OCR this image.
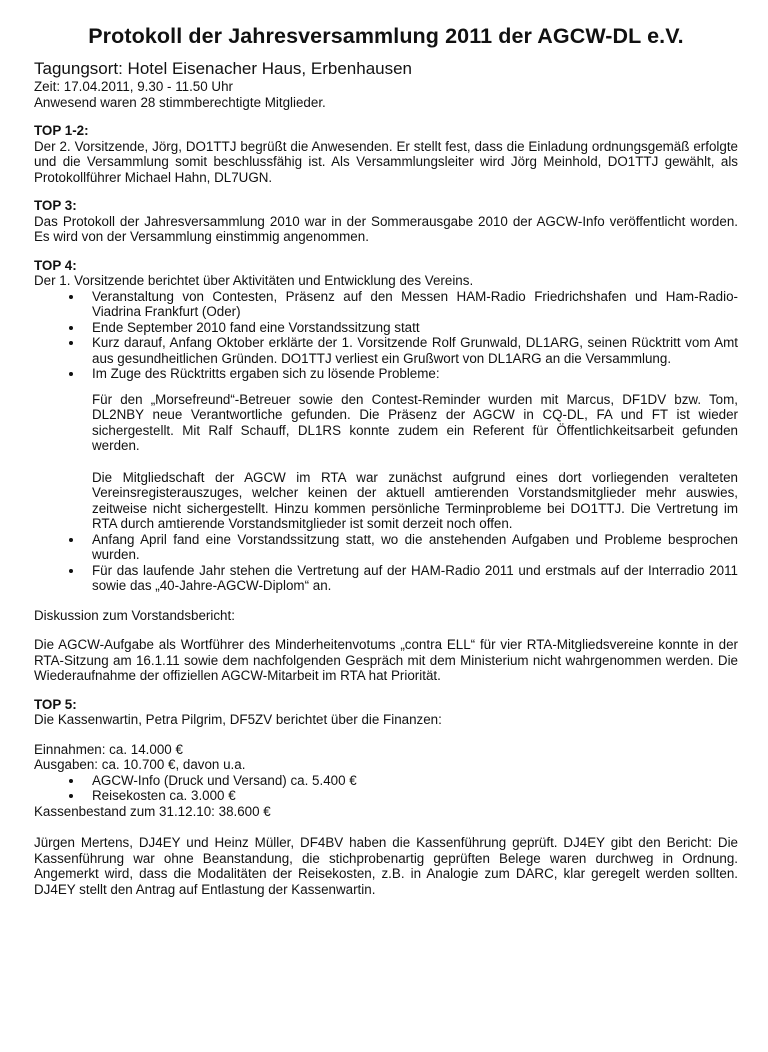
Protokoll der Jahresversammlung 2011 der AGCW-DL e.V.
Tagungsort: Hotel Eisenacher Haus, Erbenhausen
Zeit: 17.04.2011, 9.30 - 11.50 Uhr
Anwesend waren 28 stimmberechtigte Mitglieder.
TOP 1-2:

Der 2. Vorsitzende, Jörg, DO1TTJ begrüßt die Anwesenden. Er stellt fest, dass die Einladung ordnungsgemäß erfolgte und die Versammlung somit beschlussfähig ist. Als Versammlungsleiter wird Jörg Meinhold, DO1TTJ gewählt, als Protokollführer Michael Hahn, DL7UGN.

TOP 3:

Das Protokoll der Jahresversammlung 2010 war in der Sommerausgabe 2010 der AGCW-Info veröffentlicht worden. Es wird von der Versammlung einstimmig angenommen.

TOP 4:

Der 1. Vorsitzende berichtet über Aktivitäten und Entwicklung des Vereins.

• Veranstaltung von Contesten, Präsenz auf den Messen HAM-Radio Friedrichshafen und Ham-Radio-Viadrina Frankfurt (Oder)
• Ende September 2010 fand eine Vorstandssitzung statt
• Kurz darauf, Anfang Oktober erklärte der 1. Vorsitzende Rolf Grunwald, DL1ARG, seinen Rücktritt vom Amt aus gesundheitlichen Gründen. DO1TTJ verliest ein Grußwort von DL1ARG an die Versammlung.
• Im Zuge des Rücktritts ergaben sich zu lösende Probleme:

Für den „Morsefreund“-Betreuer sowie den Contest-Reminder wurden mit Marcus, DF1DV bzw. Tom, DL2NBY neue Verantwortliche gefunden. Die Präsenz der AGCW in CQ-DL, FA und FT ist wieder sichergestellt. Mit Ralf Schauff, DL1RS konnte zudem ein Referent für Öffentlichkeitsarbeit gefunden werden.

Die Mitgliedschaft der AGCW im RTA war zunächst aufgrund eines dort vorliegenden veralteten Vereinsregisterauszuges, welcher keinen der aktuell amtierenden Vorstandsmitglieder mehr auswies, zeitweise nicht sichergestellt. Hinzu kommen persönliche Terminprobleme bei DO1TTJ. Die Vertretung im RTA durch amtierende Vorstandsmitglieder ist somit derzeit noch offen.

• Anfang April fand eine Vorstandssitzung statt, wo die anstehenden Aufgaben und Probleme besprochen wurden.
• Für das laufende Jahr stehen die Vertretung auf der HAM-Radio 2011 und erstmals auf der Interradio 2011 sowie das „40-Jahre-AGCW-Diplom“ an.

Diskussion zum Vorstandsbericht:

Die AGCW-Aufgabe als Wortführer des Minderheitenvotums „contra ELL“ für vier RTA-Mitgliedsvereine konnte in der RTA-Sitzung am 16.1.11 sowie dem nachfolgenden Gespräch mit dem Ministerium nicht wahrgenommen werden. Die Wiederaufnahme der offiziellen AGCW-Mitarbeit im RTA hat Priorität.

TOP 5:

Die Kassenwartin, Petra Pilgrim, DF5ZV berichtet über die Finanzen:

Einnahmen: ca. 14.000 €

Ausgaben: ca. 10.700 €, davon u.a.

• AGCW-Info (Druck und Versand) ca. 5.400 €
• Reisekosten ca. 3.000 €

Kassenbestand zum 31.12.10: 38.600 €

Jürgen Mertens, DJ4EY und Heinz Müller, DF4BV haben die Kassenführung geprüft. DJ4EY gibt den Bericht: Die Kassenführung war ohne Beanstandung, die stichprobenartig geprüften Belege waren durchweg in Ordnung. Angemerkt wird, dass die Modalitäten der Reisekosten, z.B. in Analogie zum DARC, klar geregelt werden sollten. DJ4EY stellt den Antrag auf Entlastung der Kassenwartin.
